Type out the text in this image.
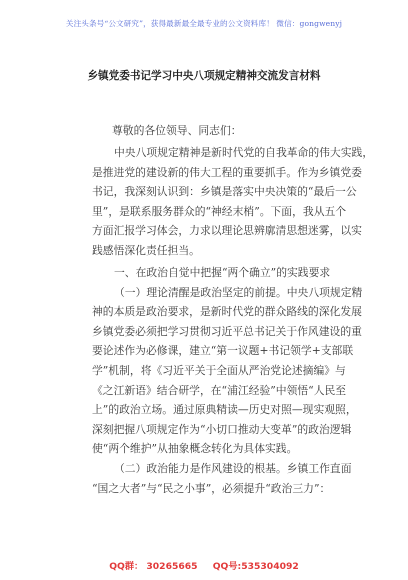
关注头条号“公文研究”，获得最新最全最专业的公文资料库！ 微信：gongwenyj
乡镇党委书记学习中央八项规定精神交流发言材料
尊敬的各位领导、同志们：
中央八项规定精神是新时代党的自我革命的伟大实践，
是推进党的建设新的伟大工程的重要抓手。作为乡镇党委
书记，我深刻认识到：乡镇是落实中央决策的“最后一公
里”，是联系服务群众的“神经末梢”。下面，我从五个
方面汇报学习体会，力求以理论思辨廓清思想迷雾，以实
践感悟深化责任担当。
一、在政治自觉中把握“两个确立”的实践要求
（一）理论清醒是政治坚定的前提。中央八项规定精
神的本质是政治要求，是新时代党的群众路线的深化发展
乡镇党委必须把学习贯彻习近平总书记关于作风建设的重
要论述作为必修课，建立“第一议题+书记领学+支部联
学”机制，将《习近平关于全面从严治党论述摘编》与
《之江新语》结合研学，在“浦江经验”中领悟“人民至
上”的政治立场。通过原典精读—历史对照—现实观照，
深刻把握八项规定作为“小切口推动大变革”的政治逻辑
使“两个维护”从抽象概念转化为具体实践。
（二）政治能力是作风建设的根基。乡镇工作直面
“国之大者”与“民之小事”，必须提升“政治三力”：
QQ群： 30265665 QQ号:535304092
